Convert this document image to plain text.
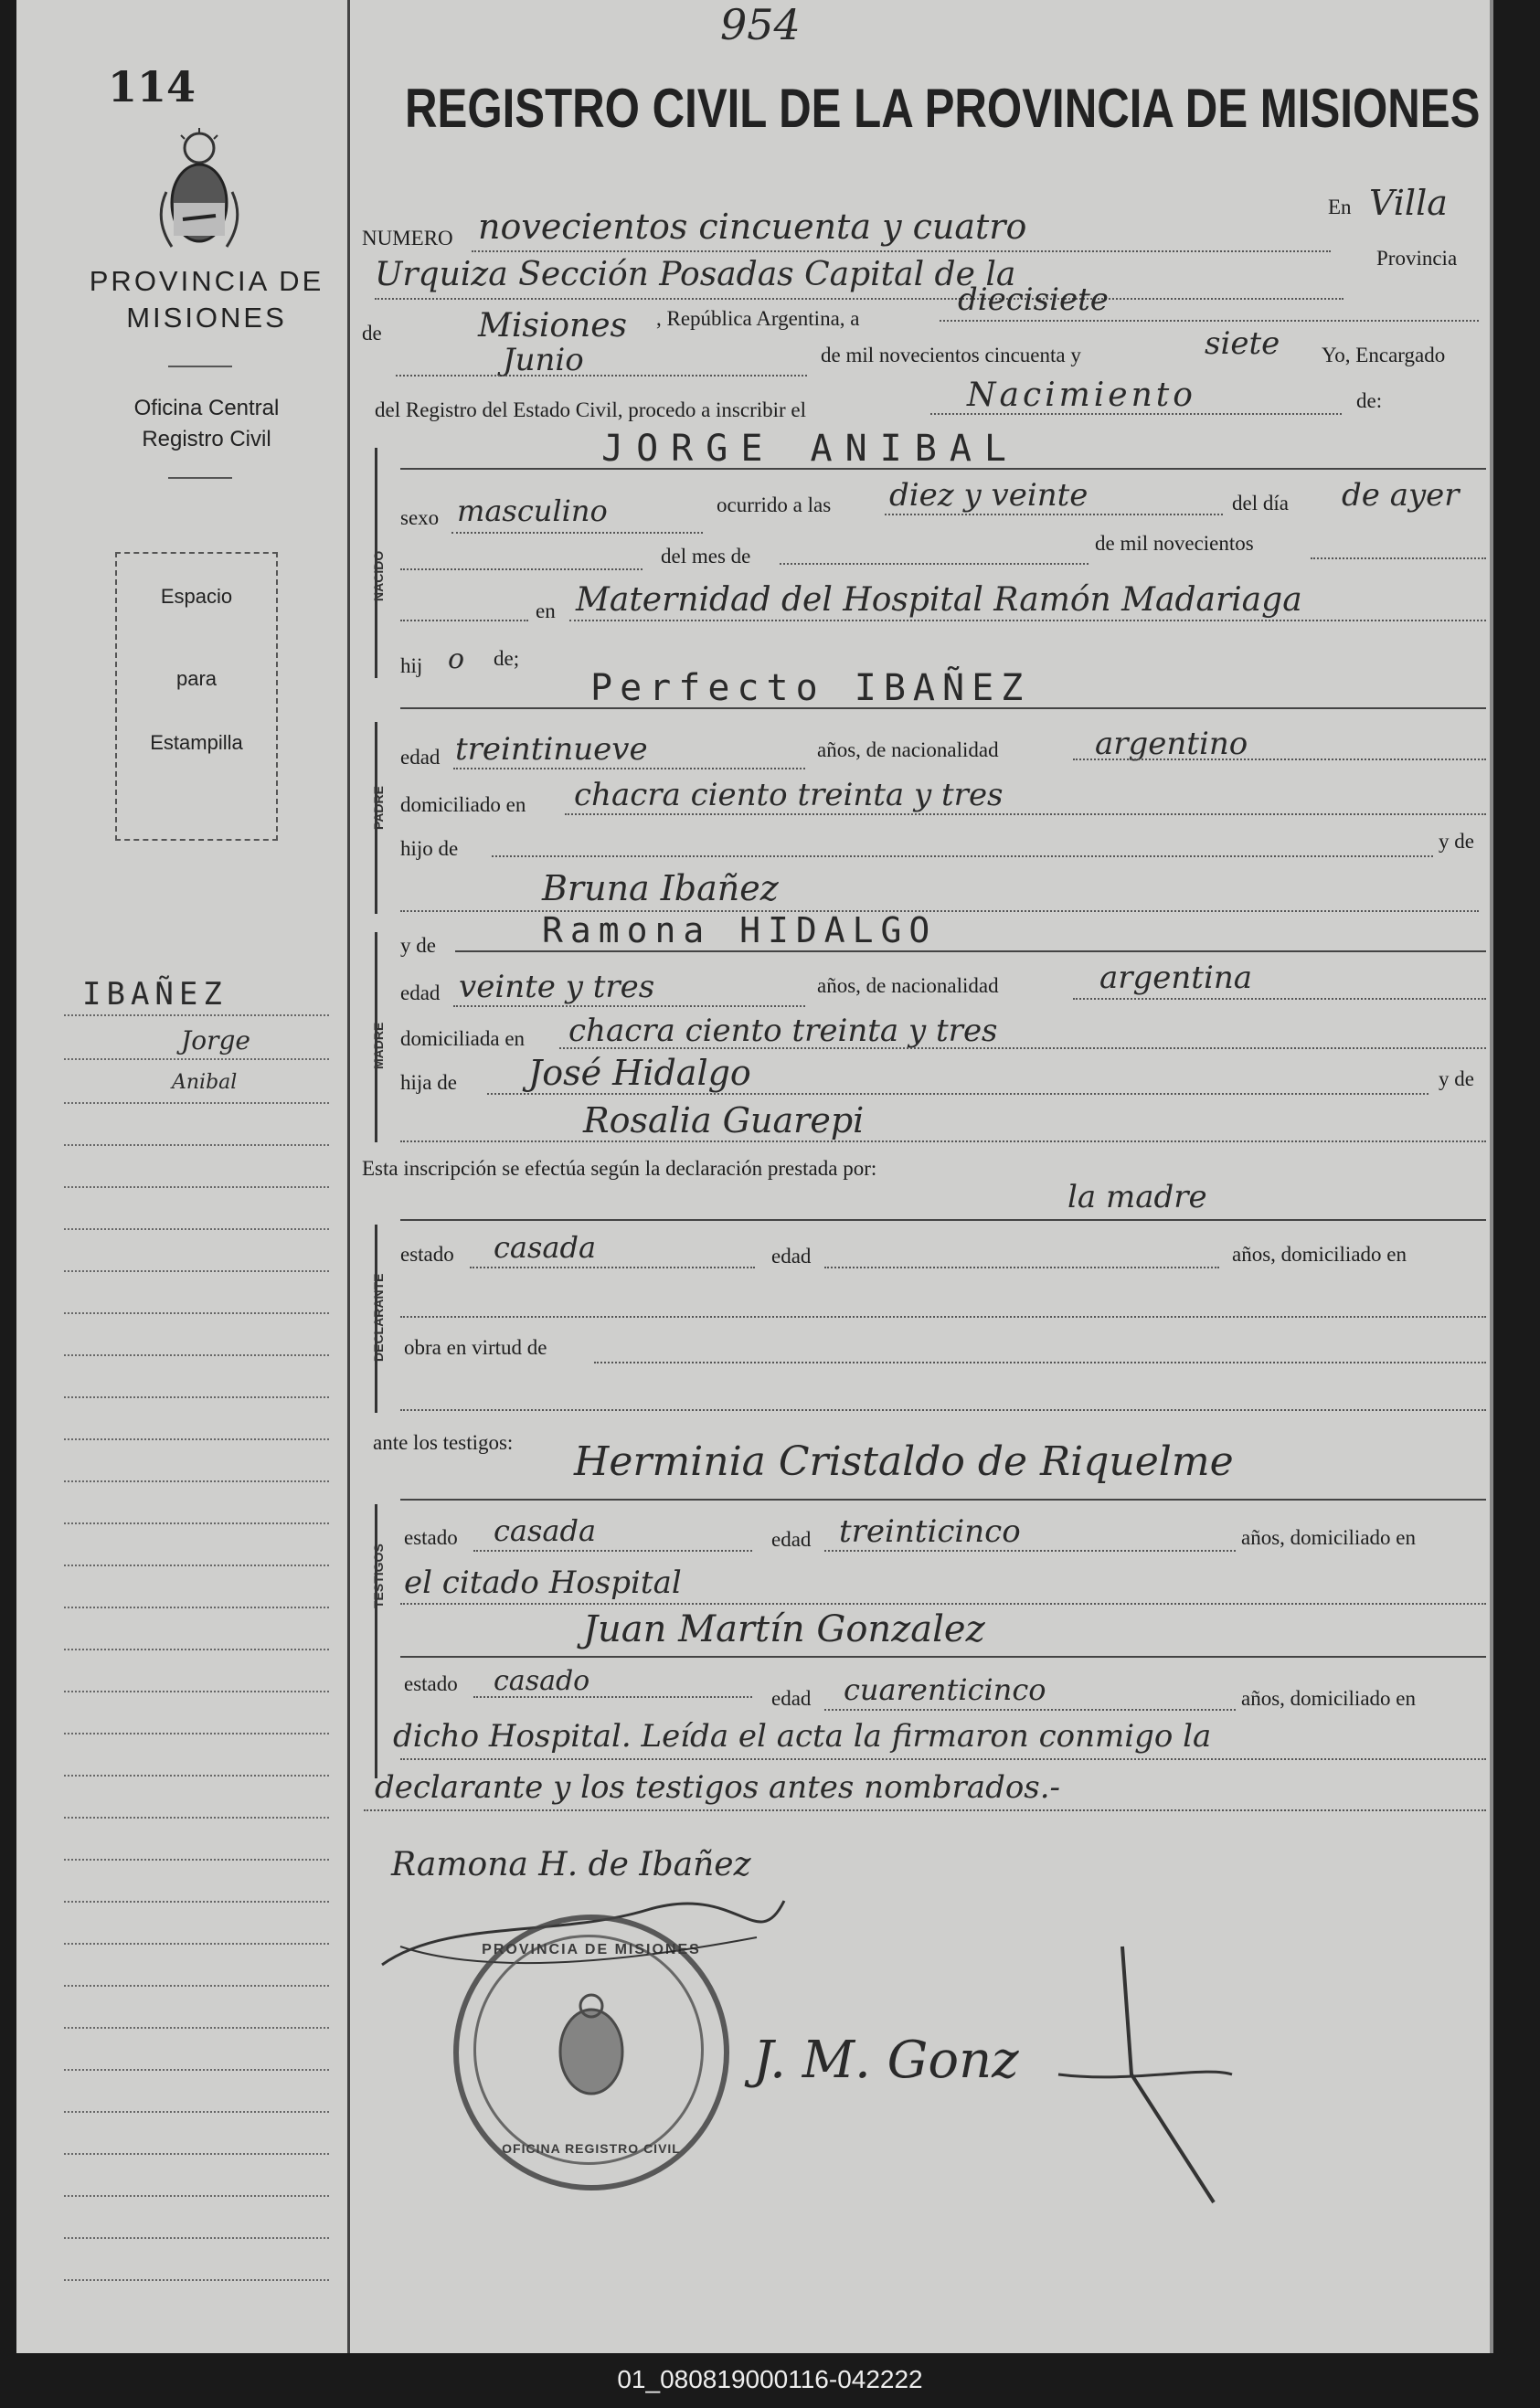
954
114
PROVINCIA DE
MISIONES
Oficina Central
Registro Civil
Espacio
para
Estampilla
IBAÑEZ
Jorge
Anibal
REGISTRO CIVIL DE LA PROVINCIA DE MISIONES
NUMERO novecientos cincuenta y cuatro	En Villa
Urquiza Sección Posadas Capital de la	Provincia
de	Misiones , República Argentina, a
diecisiete
Junio	de mil novecientos cincuenta y	siete Yo, Encargado
del Registro del Estado Civil, procedo a inscribir el	Nacimiento	de:
NACIDO
JORGE ANIBAL
sexo masculino	ocurrido a las diez y veinte	del día de ayer
del mes de
de mil novecientos
en Maternidad del Hospital Ramón Madariaga
hij o de;
PADRE
Perfecto IBAÑEZ
edad treintinueve	años, de nacionalidad	argentino
domiciliado en chacra ciento treinta y tres
hijo de	y de
Bruna Ibañez
MADRE
y de	Ramona HIDALGO
edad veinte y tres	años, de nacionalidad	argentina
domiciliada en chacra ciento treinta y tres
hija de José Hidalgo	y de
Rosalia Guarepi
Esta inscripción se efectúa según la declaración prestada por:
la madre
DECLARANTE
estado casada	edad	años, domiciliado en
obra en virtud de
ante los testigos: Herminia Cristaldo de Riquelme
TESTIGOS
estado casada	edad treinticinco	años, domiciliado en
el citado Hospital
Juan Martín Gonzalez
estado casado
edad cuarenticinco	años, domiciliado en
dicho Hospital. Leída el acta la firmaron conmigo la
declarante y los testigos antes nombrados.-
Ramona H. de Ibañez
PROVINCIA DE MISIONES
OFICINA REGISTRO CIVIL
J. M. Gonz
01_080819000116-042222
